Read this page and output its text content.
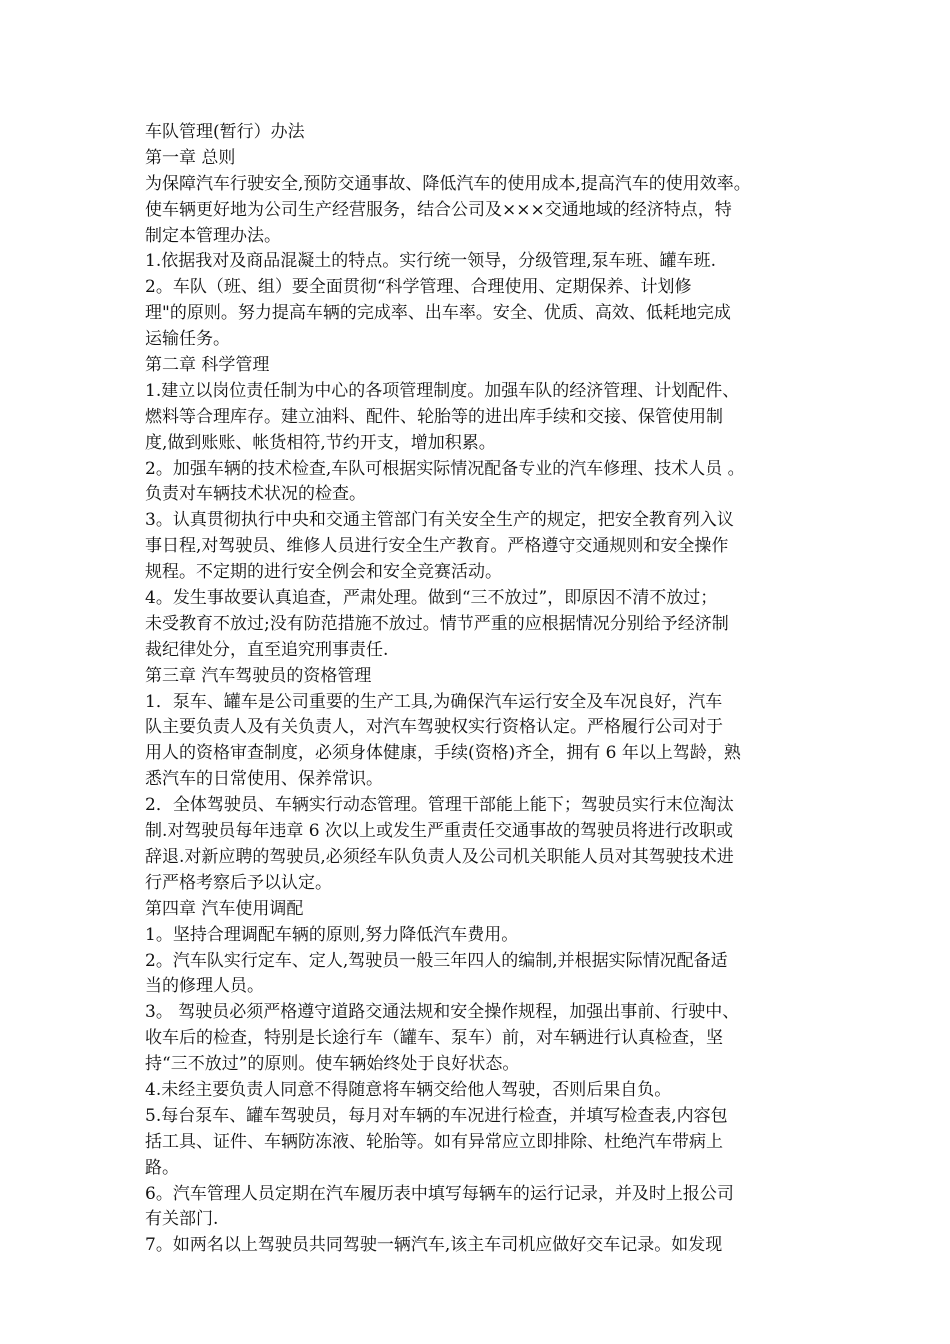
车队管理(暂行）办法
第一章 总则
为保障汽车行驶安全,预防交通事故、降低汽车的使用成本,提高汽车的使用效率。
使车辆更好地为公司生产经营服务，结合公司及×××交通地域的经济特点，特
制定本管理办法。
1.依据我对及商品混凝土的特点。实行统一领导，分级管理,泵车班、罐车班.
2。车队（班、组）要全面贯彻“科学管理、合理使用、定期保养、计划修
理"的原则。努力提高车辆的完成率、出车率。安全、优质、高效、低耗地完成
运输任务。
第二章 科学管理
1.建立以岗位责任制为中心的各项管理制度。加强车队的经济管理、计划配件、
燃料等合理库存。建立油料、配件、轮胎等的进出库手续和交接、保管使用制
度,做到账账、帐货相符,节约开支，增加积累。
2。加强车辆的技术检查,车队可根据实际情况配备专业的汽车修理、技术人员 。
负责对车辆技术状况的检查。
3。认真贯彻执行中央和交通主管部门有关安全生产的规定，把安全教育列入议
事日程,对驾驶员、维修人员进行安全生产教育。严格遵守交通规则和安全操作
规程。不定期的进行安全例会和安全竞赛活动。
4。发生事故要认真追查，严肃处理。做到“三不放过”，即原因不清不放过；
未受教育不放过;没有防范措施不放过。情节严重的应根据情况分别给予经济制
裁纪律处分，直至追究刑事责任.
第三章 汽车驾驶员的资格管理
1．泵车、罐车是公司重要的生产工具,为确保汽车运行安全及车况良好，汽车
队主要负责人及有关负责人，对汽车驾驶权实行资格认定。严格履行公司对于
用人的资格审查制度，必须身体健康，手续(资格)齐全，拥有 6 年以上驾龄，熟
悉汽车的日常使用、保养常识。
2．全体驾驶员、车辆实行动态管理。管理干部能上能下；驾驶员实行末位淘汰
制.对驾驶员每年违章 6 次以上或发生严重责任交通事故的驾驶员将进行改职或
辞退.对新应聘的驾驶员,必须经车队负责人及公司机关职能人员对其驾驶技术进
行严格考察后予以认定。
第四章 汽车使用调配
1。坚持合理调配车辆的原则,努力降低汽车费用。
2。汽车队实行定车、定人,驾驶员一般三年四人的编制,并根据实际情况配备适
当的修理人员。
3。 驾驶员必须严格遵守道路交通法规和安全操作规程，加强出事前、行驶中、
收车后的检查，特别是长途行车（罐车、泵车）前，对车辆进行认真检查，坚
持“三不放过”的原则。使车辆始终处于良好状态。
4.未经主要负责人同意不得随意将车辆交给他人驾驶，否则后果自负。
5.每台泵车、罐车驾驶员，每月对车辆的车况进行检查，并填写检查表,内容包
括工具、证件、车辆防冻液、轮胎等。如有异常应立即排除、杜绝汽车带病上
路。
6。汽车管理人员定期在汽车履历表中填写每辆车的运行记录，并及时上报公司
有关部门.
7。如两名以上驾驶员共同驾驶一辆汽车,该主车司机应做好交车记录。如发现
